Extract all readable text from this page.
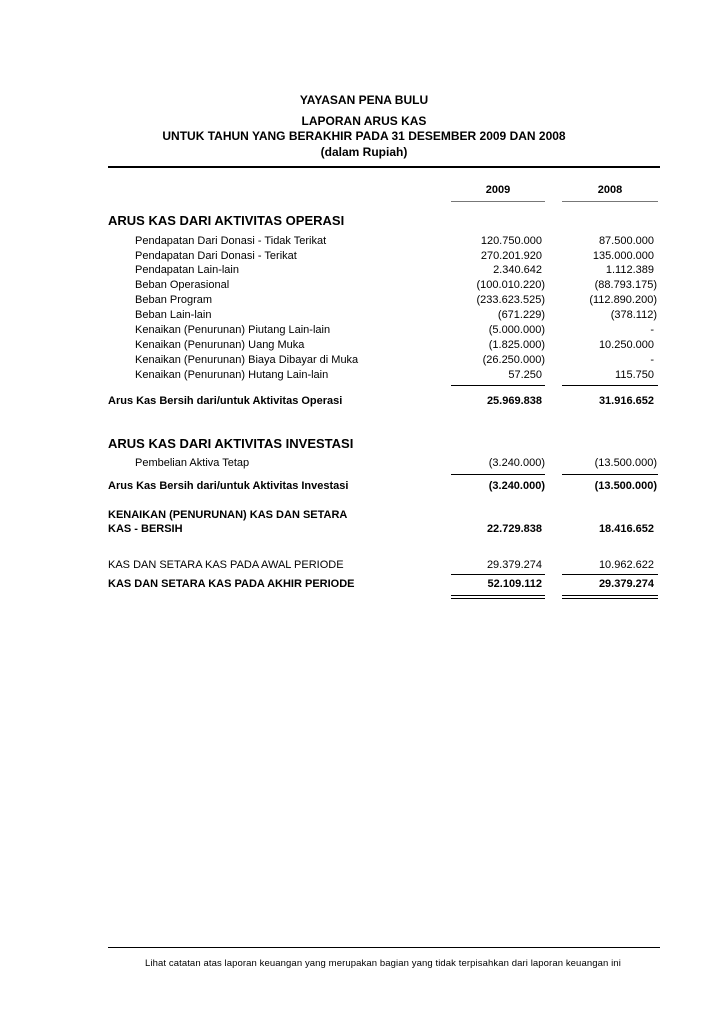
YAYASAN PENA BULU
LAPORAN ARUS KAS
UNTUK TAHUN YANG BERAKHIR PADA 31 DESEMBER 2009 DAN 2008
(dalam Rupiah)
2009	2008
ARUS KAS DARI AKTIVITAS OPERASI
Pendapatan Dari Donasi - Tidak Terikat	120.750.000	87.500.000
Pendapatan Dari Donasi - Terikat	270.201.920	135.000.000
Pendapatan Lain-lain	2.340.642	1.112.389
Beban Operasional	(100.010.220)	(88.793.175)
Beban Program	(233.623.525)	(112.890.200)
Beban Lain-lain	(671.229)	(378.112)
Kenaikan (Penurunan) Piutang Lain-lain	(5.000.000)	-
Kenaikan (Penurunan) Uang Muka	(1.825.000)	10.250.000
Kenaikan (Penurunan) Biaya Dibayar di Muka	(26.250.000)	-
Kenaikan (Penurunan) Hutang Lain-lain	57.250	115.750
Arus Kas Bersih dari/untuk Aktivitas Operasi	25.969.838	31.916.652
ARUS KAS DARI AKTIVITAS INVESTASI
Pembelian Aktiva Tetap	(3.240.000)	(13.500.000)
Arus Kas Bersih dari/untuk Aktivitas Investasi	(3.240.000)	(13.500.000)
KENAIKAN (PENURUNAN) KAS DAN SETARA
KAS - BERSIH	22.729.838	18.416.652
KAS DAN SETARA KAS PADA AWAL PERIODE	29.379.274	10.962.622
KAS DAN SETARA KAS PADA AKHIR PERIODE	52.109.112	29.379.274
Lihat catatan atas laporan keuangan yang merupakan bagian yang tidak terpisahkan dari laporan keuangan ini
